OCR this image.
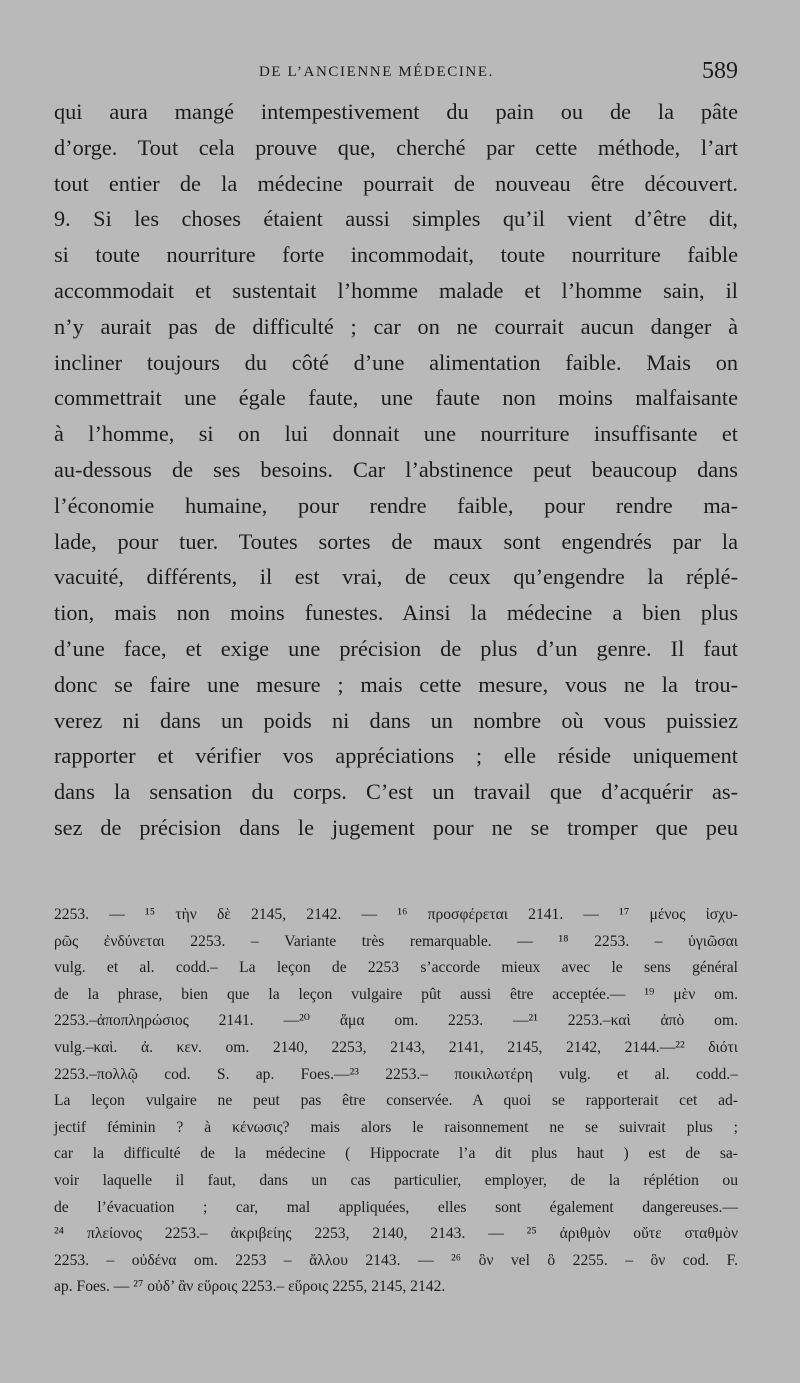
DE L’ANCIENNE MÉDECINE.	589
qui aura mangé intempestivement du pain ou de la pâte
d’orge. Tout cela prouve que, cherché par cette méthode, l’art
tout entier de la médecine pourrait de nouveau être découvert.
9. Si les choses étaient aussi simples qu’il vient d’être dit,
si toute nourriture forte incommodait, toute nourriture faible
accommodait et sustentait l’homme malade et l’homme sain, il
n’y aurait pas de difficulté ; car on ne courrait aucun danger à
incliner toujours du côté d’une alimentation faible. Mais on
commettrait une égale faute, une faute non moins malfaisante
à l’homme, si on lui donnait une nourriture insuffisante et
au-dessous de ses besoins. Car l’abstinence peut beaucoup dans
l’économie humaine, pour rendre faible, pour rendre ma-
lade, pour tuer. Toutes sortes de maux sont engendrés par la
vacuité, différents, il est vrai, de ceux qu’engendre la réplé-
tion, mais non moins funestes. Ainsi la médecine a bien plus
d’une face, et exige une précision de plus d’un genre. Il faut
donc se faire une mesure ; mais cette mesure, vous ne la trou-
verez ni dans un poids ni dans un nombre où vous puissiez
rapporter et vérifier vos appréciations ; elle réside uniquement
dans la sensation du corps. C’est un travail que d’acquérir as-
sez de précision dans le jugement pour ne se tromper que peu
2253. — ¹⁵ τὴν δὲ 2145, 2142. — ¹⁶ προσφέρεται 2141. — ¹⁷ μένος ἰσχυ-
ρῶς ἐνδύνεται 2253. – Variante très remarquable. — ¹⁸ 2253. – ὑγιῶσαι
vulg. et al. codd.– La leçon de 2253 s’accorde mieux avec le sens général
de la phrase, bien que la leçon vulgaire pût aussi être acceptée.— ¹⁹ μὲν om.
2253.–ἀποπληρώσιος 2141. —²⁰ ἅμα om. 2253. —²¹ 2253.–καὶ ἀπὸ om.
vulg.–καὶ. ἀ. κεν. om. 2140, 2253, 2143, 2141, 2145, 2142, 2144.—²² διότι
2253.–πολλῷ cod. S. ap. Foes.—²³ 2253.– ποικιλωτέρη vulg. et al. codd.–
La leçon vulgaire ne peut pas être conservée. A quoi se rapporterait cet ad-
jectif féminin ? à κένωσις? mais alors le raisonnement ne se suivrait plus ;
car la difficulté de la médecine ( Hippocrate l’a dit plus haut ) est de sa-
voir laquelle il faut, dans un cas particulier, employer, de la réplétion ou
de l’évacuation ; car, mal appliquées, elles sont également dangereuses.—
²⁴ πλείονος 2253.– ἀκριβείης 2253, 2140, 2143. — ²⁵ ἀριθμὸν οὔτε σταθμὸν
2253. – οὐδένα om. 2253 – ἄλλου 2143. — ²⁶ ὃν vel ὃ 2255. – ὃν cod. F.
ap. Foes. — ²⁷ οὐδ’ ἂν εὕροις 2253.– εὕροις 2255, 2145, 2142.
